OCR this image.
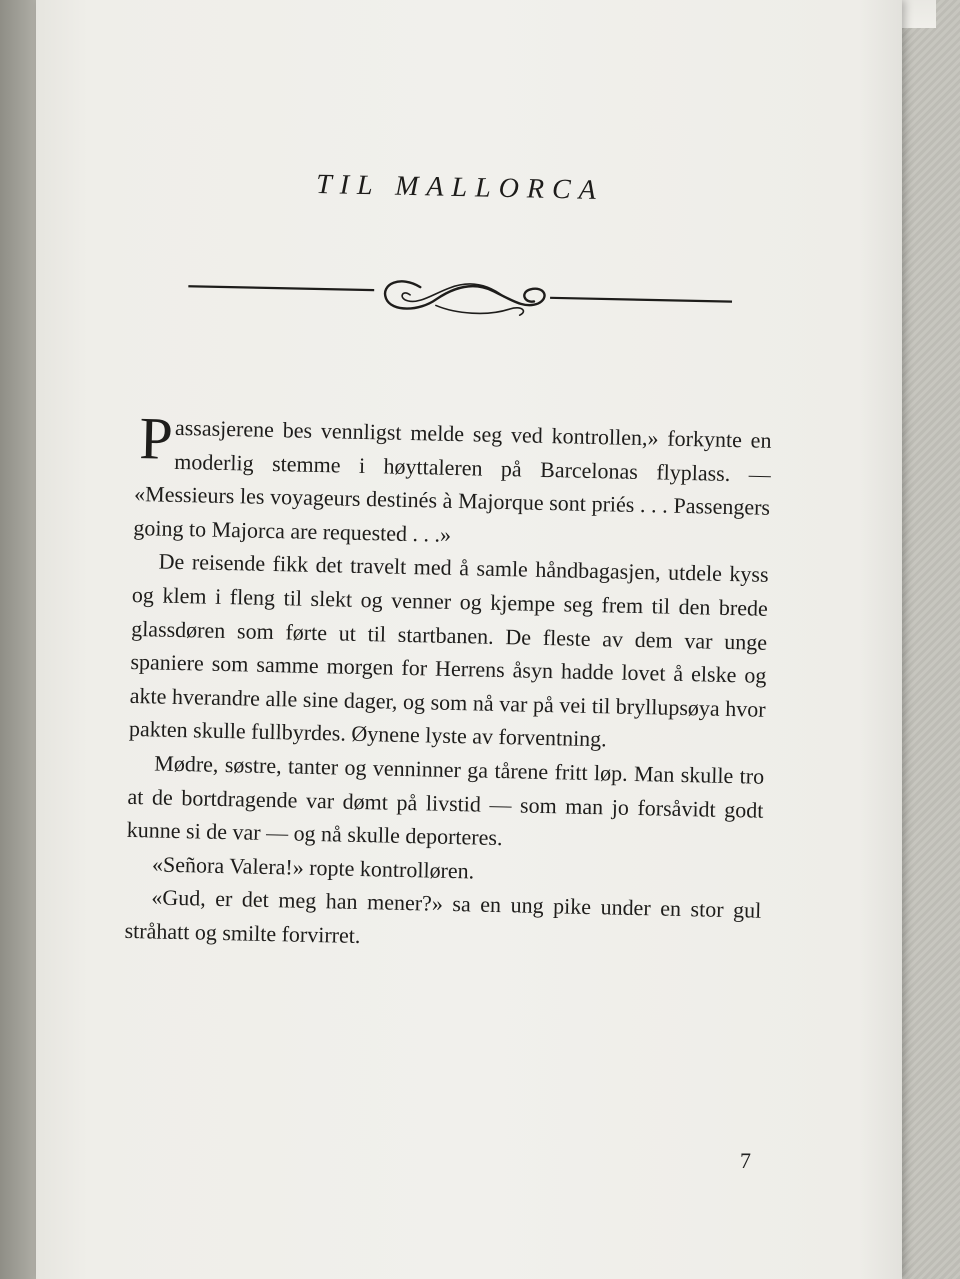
TIL MALLORCA

Passasjerene bes vennligst melde seg ved kontrollen,» forkynte en moderlig stemme i høyttaleren på Barcelonas flyplass. — «Messieurs les voyageurs destinés à Majorque sont priés . . . Passengers going to Majorca are requested . . .»

De reisende fikk det travelt med å samle håndbagasjen, utdele kyss og klem i fleng til slekt og venner og kjempe seg frem til den brede glassdøren som førte ut til startbanen. De fleste av dem var unge spaniere som samme morgen for Herrens åsyn hadde lovet å elske og akte hverandre alle sine dager, og som nå var på vei til bryllupsøya hvor pakten skulle fullbyrdes. Øynene lyste av forventning.

Mødre, søstre, tanter og venninner ga tårene fritt løp. Man skulle tro at de bortdragende var dømt på livstid — som man jo forsåvidt godt kunne si de var — og nå skulle deporteres.

«Señora Valera!» ropte kontrolløren.

«Gud, er det meg han mener?» sa en ung pike under en stor gul stråhatt og smilte forvirret.

7
